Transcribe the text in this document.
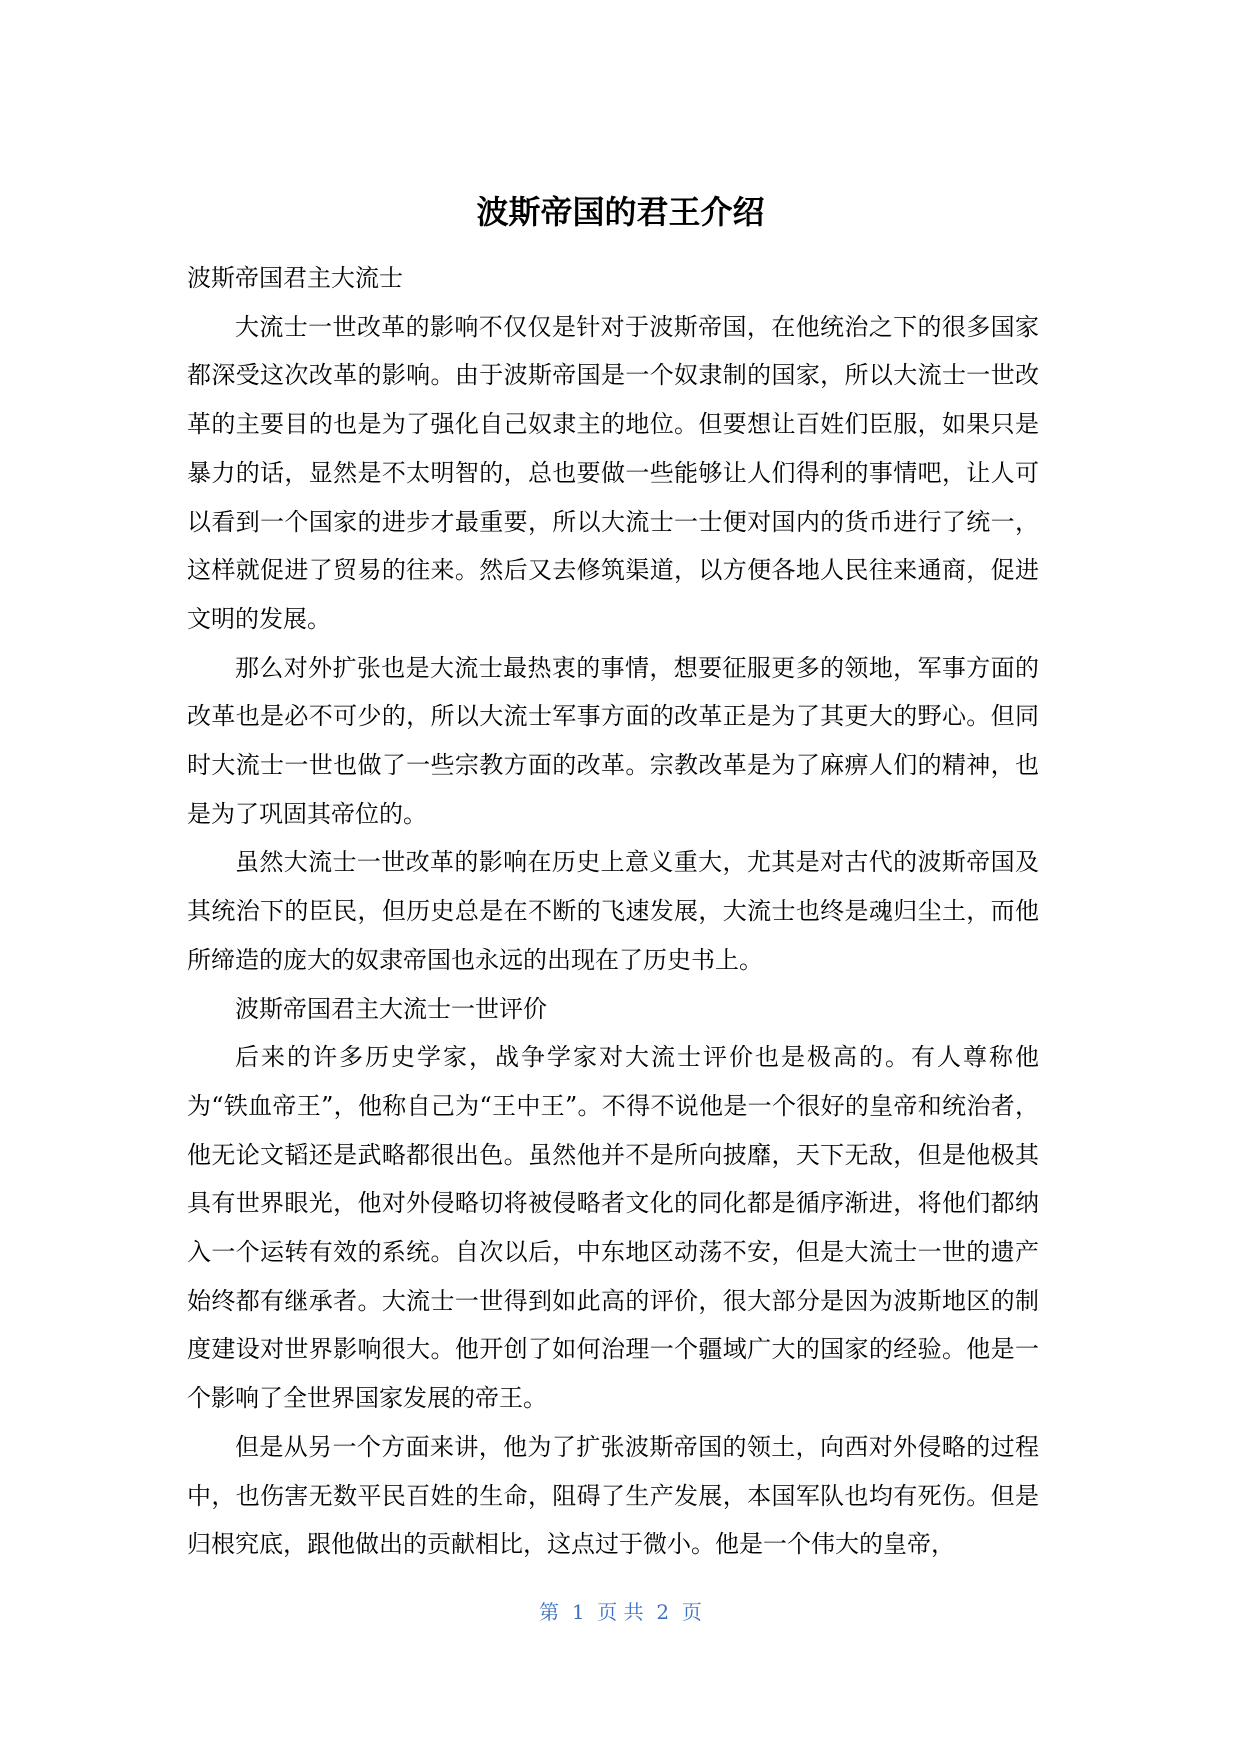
波斯帝国的君王介绍

波斯帝国君主大流士

大流士一世改革的影响不仅仅是针对于波斯帝国，在他统治之下的很多国家都深受这次改革的影响。由于波斯帝国是一个奴隶制的国家，所以大流士一世改革的主要目的也是为了强化自己奴隶主的地位。但要想让百姓们臣服，如果只是暴力的话，显然是不太明智的，总也要做一些能够让人们得利的事情吧，让人可以看到一个国家的进步才最重要，所以大流士一士便对国内的货币进行了统一，这样就促进了贸易的往来。然后又去修筑渠道，以方便各地人民往来通商，促进文明的发展。

那么对外扩张也是大流士最热衷的事情，想要征服更多的领地，军事方面的改革也是必不可少的，所以大流士军事方面的改革正是为了其更大的野心。但同时大流士一世也做了一些宗教方面的改革。宗教改革是为了麻痹人们的精神，也是为了巩固其帝位的。

虽然大流士一世改革的影响在历史上意义重大，尤其是对古代的波斯帝国及其统治下的臣民，但历史总是在不断的飞速发展，大流士也终是魂归尘土，而他所缔造的庞大的奴隶帝国也永远的出现在了历史书上。

波斯帝国君主大流士一世评价

后来的许多历史学家，战争学家对大流士评价也是极高的。有人尊称他为“铁血帝王”，他称自己为“王中王”。不得不说他是一个很好的皇帝和统治者，他无论文韬还是武略都很出色。虽然他并不是所向披靡，天下无敌，但是他极其具有世界眼光，他对外侵略切将被侵略者文化的同化都是循序渐进，将他们都纳入一个运转有效的系统。自次以后，中东地区动荡不安，但是大流士一世的遗产始终都有继承者。大流士一世得到如此高的评价，很大部分是因为波斯地区的制度建设对世界影响很大。他开创了如何治理一个疆域广大的国家的经验。他是一个影响了全世界国家发展的帝王。

但是从另一个方面来讲，他为了扩张波斯帝国的领土，向西对外侵略的过程中，也伤害无数平民百姓的生命，阻碍了生产发展，本国军队也均有死伤。但是归根究底，跟他做出的贡献相比，这点过于微小。他是一个伟大的皇帝，

第  1  页 共  2  页
